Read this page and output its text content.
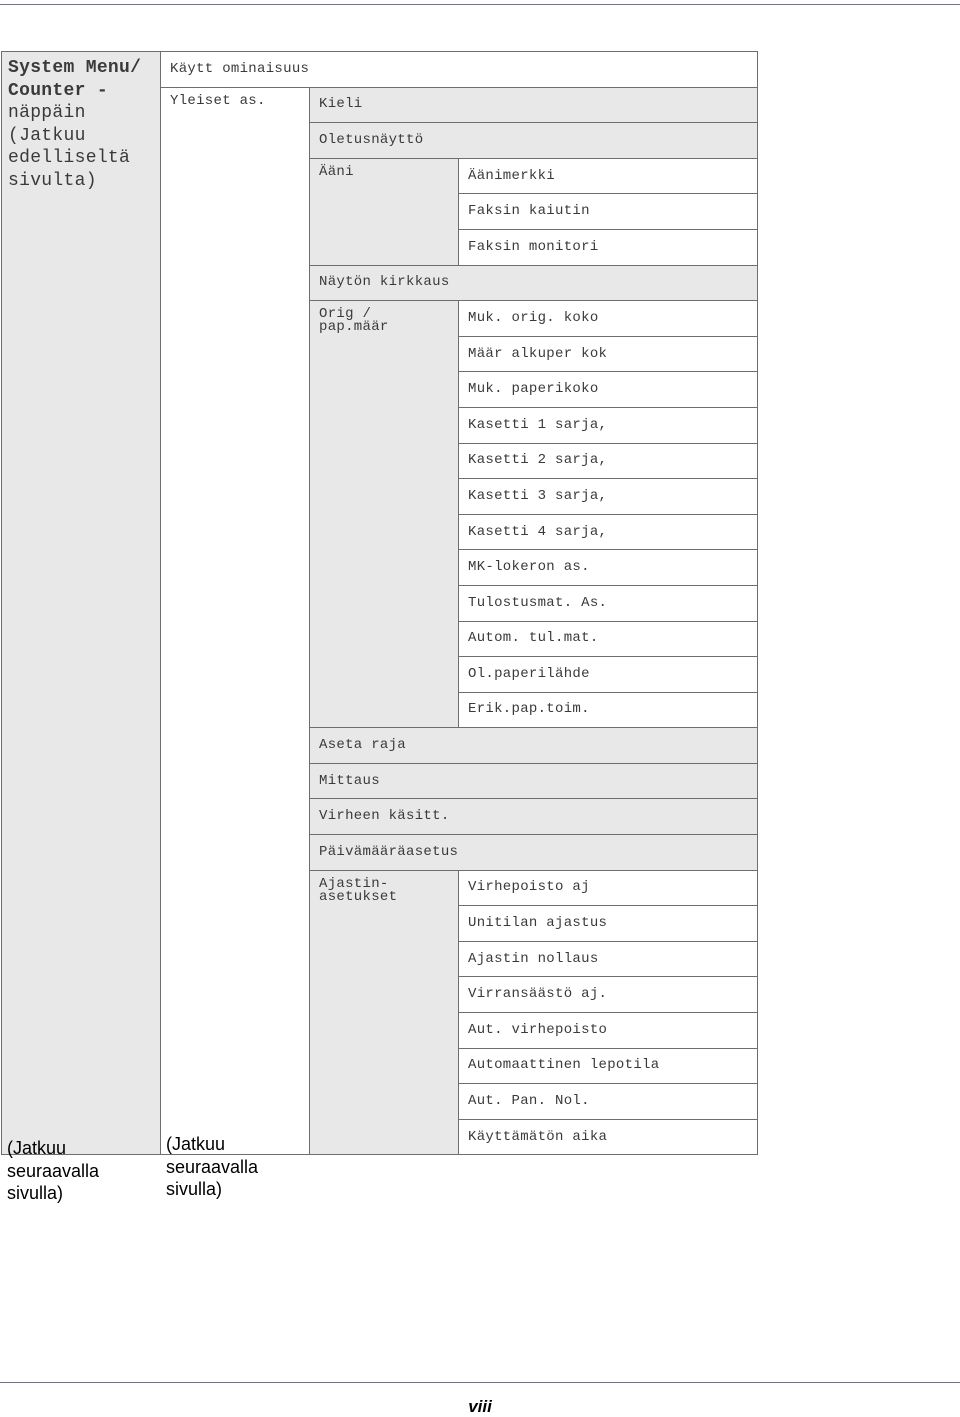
System Menu/ Counter - näppäin (Jatkuu edelliseltä sivulta)	Käytt ominaisuus		

	Yleiset as.	Kieli	

		Oletusnäyttö	

		Ääni	Äänimerkki

			Faksin kaiutin

			Faksin monitori

		Näytön kirkkaus	

		Orig /
pap.määr	Muk. orig. koko

			Määr alkuper kok

			Muk. paperikoko

			Kasetti 1 sarja,

			Kasetti 2 sarja,

			Kasetti 3 sarja,

			Kasetti 4 sarja,

			MK-lokeron as.

			Tulostusmat. As.

			Autom. tul.mat.

			Ol.paperilähde

			Erik.pap.toim.

		Aseta raja	

		Mittaus	

		Virheen käsitt.	

		Päivämääräasetus	

		Ajastin-
asetukset	Virhepoisto aj

			Unitilan ajastus

			Ajastin nollaus

			Virransäästö aj.

			Aut. virhepoisto

			Automaattinen lepotila

			Aut. Pan. Nol.

			Käyttämätön aika
(Jatkuu seuraavalla sivulla)
(Jatkuu seuraavalla sivulla)
viii
